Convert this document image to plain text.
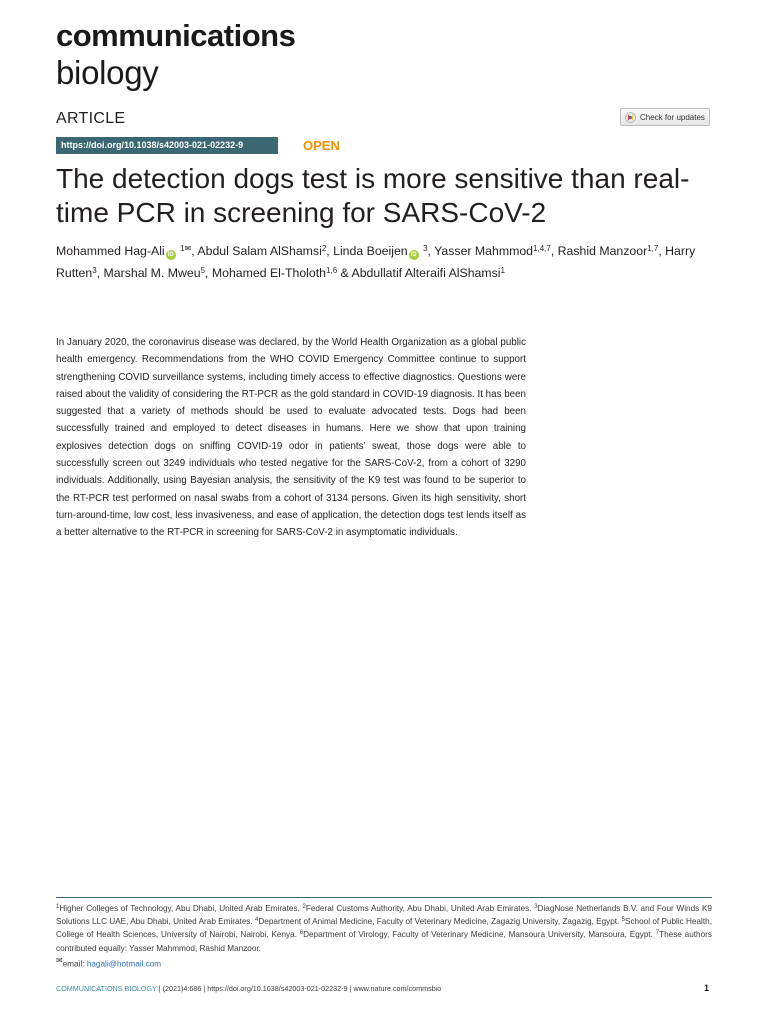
communications
biology
ARTICLE	Check for updates
https://doi.org/10.1038/s42003-021-02232-9	OPEN
The detection dogs test is more sensitive than real-time PCR in screening for SARS-CoV-2

Mohammed Hag-Ali iD $^{1✉}$, Abdul Salam AlShamsi$^2$, Linda Boeijen iD $^3$, Yasser Mahmmod$^{1,4,7}$, Rashid Manzoor$^{1,7}$, Harry Rutten$^3$, Marshal M. Mweu$^5$, Mohamed El-Tholoth$^{1,6}$ & Abdullatif Alteraifi AlShamsi$^1$

In January 2020, the coronavirus disease was declared, by the World Health Organization as a global public health emergency. Recommendations from the WHO COVID Emergency Committee continue to support strengthening COVID surveillance systems, including timely access to effective diagnostics. Questions were raised about the validity of considering the RT-PCR as the gold standard in COVID-19 diagnosis. It has been suggested that a variety of methods should be used to evaluate advocated tests. Dogs had been successfully trained and employed to detect diseases in humans. Here we show that upon training explosives detection dogs on sniffing COVID-19 odor in patients’ sweat, those dogs were able to successfully screen out 3249 individuals who tested negative for the SARS-CoV-2, from a cohort of 3290 individuals. Additionally, using Bayesian analysis, the sensitivity of the K9 test was found to be superior to the RT-PCR test performed on nasal swabs from a cohort of 3134 persons. Given its high sensitivity, short turn-around-time, low cost, less invasiveness, and ease of application, the detection dogs test lends itself as a better alternative to the RT-PCR in screening for SARS-CoV-2 in asymptomatic individuals.

$^1$Higher Colleges of Technology, Abu Dhabi, United Arab Emirates. $^2$Federal Customs Authority, Abu Dhabi, United Arab Emirates. $^3$DiagNose Netherlands B.V. and Four Winds K9 Solutions LLC UAE, Abu Dhabi, United Arab Emirates. $^4$Department of Animal Medicine, Faculty of Veterinary Medicine, Zagazig University, Zagazig, Egypt. $^5$School of Public Health, College of Health Sciences, University of Nairobi, Nairobi, Kenya. $^6$Department of Virology, Faculty of Veterinary Medicine, Mansoura University, Mansoura, Egypt. $^7$These authors contributed equally: Yasser Mahmmod, Rashid Manzoor.

✉email: hagali@hotmail.com
COMMUNICATIONS BIOLOGY | (2021)4:686 | https://doi.org/10.1038/s42003-021-02232-9 | www.nature.com/commsbio	1
